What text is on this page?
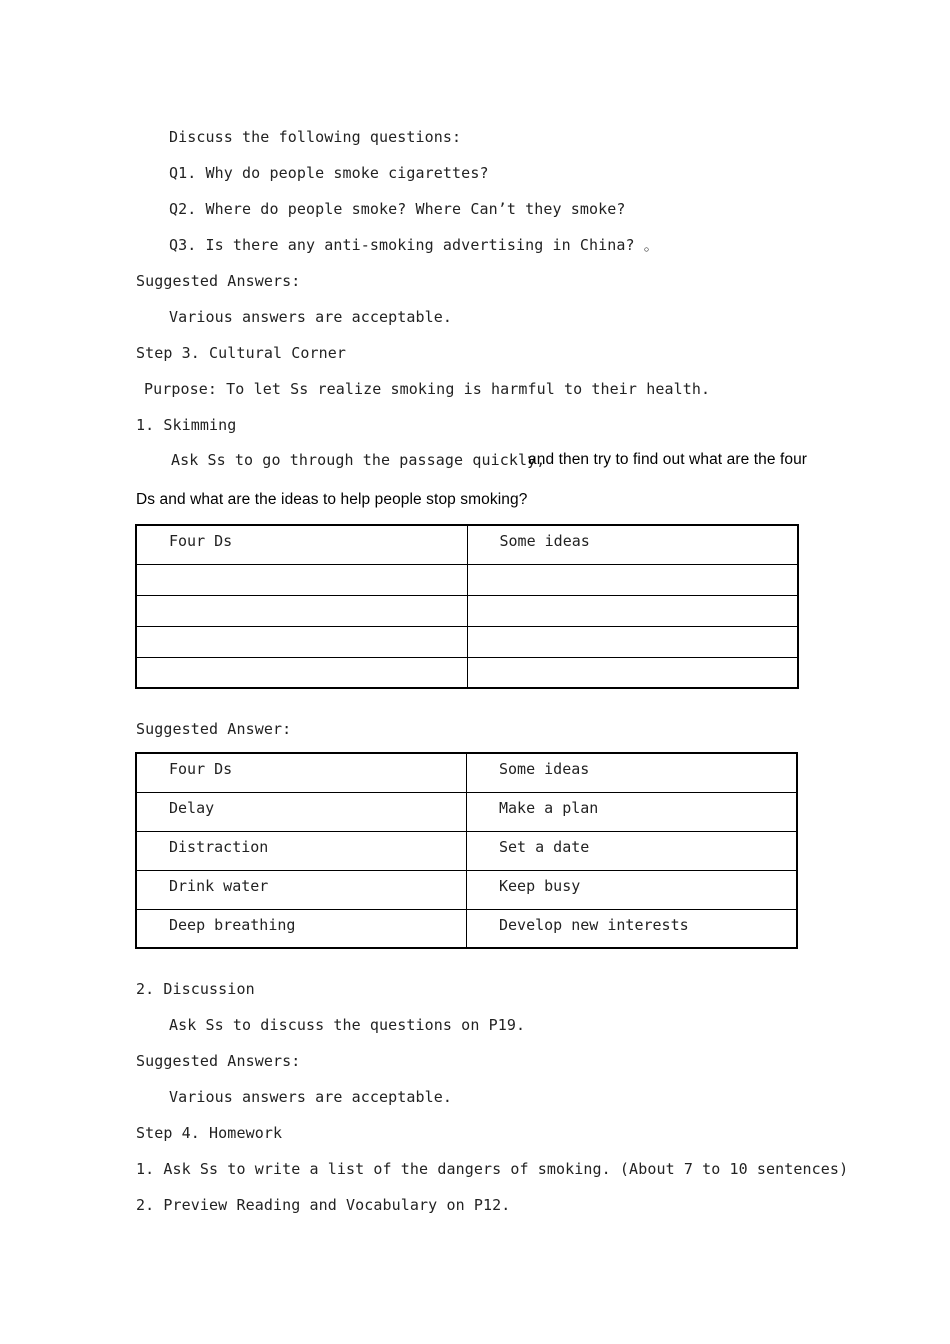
Discuss the following questions:
Q1. Why do people smoke cigarettes?
Q2. Where do people smoke? Where Can’t they smoke?
Q3. Is there any anti-smoking advertising in China? 。
Suggested Answers:
Various answers are acceptable.
Step 3. Cultural Corner
Purpose: To let Ss realize smoking is harmful to their health.
1. Skimming
Ask Ss to go through the passage quickly,
and then try to find out what are the four
Ds and what are the ideas to help people stop smoking?
Four Ds	Some ideas

Suggested Answer:
Four Ds	Some ideas
Delay	Make a plan
Distraction	Set a date
Drink water	Keep busy
Deep breathing	Develop new interests
2. Discussion
Ask Ss to discuss the questions on P19.
Suggested Answers:
Various answers are acceptable.
Step 4. Homework
1. Ask Ss to write a list of the dangers of smoking. (About 7 to 10 sentences)
2. Preview Reading and Vocabulary on P12.
